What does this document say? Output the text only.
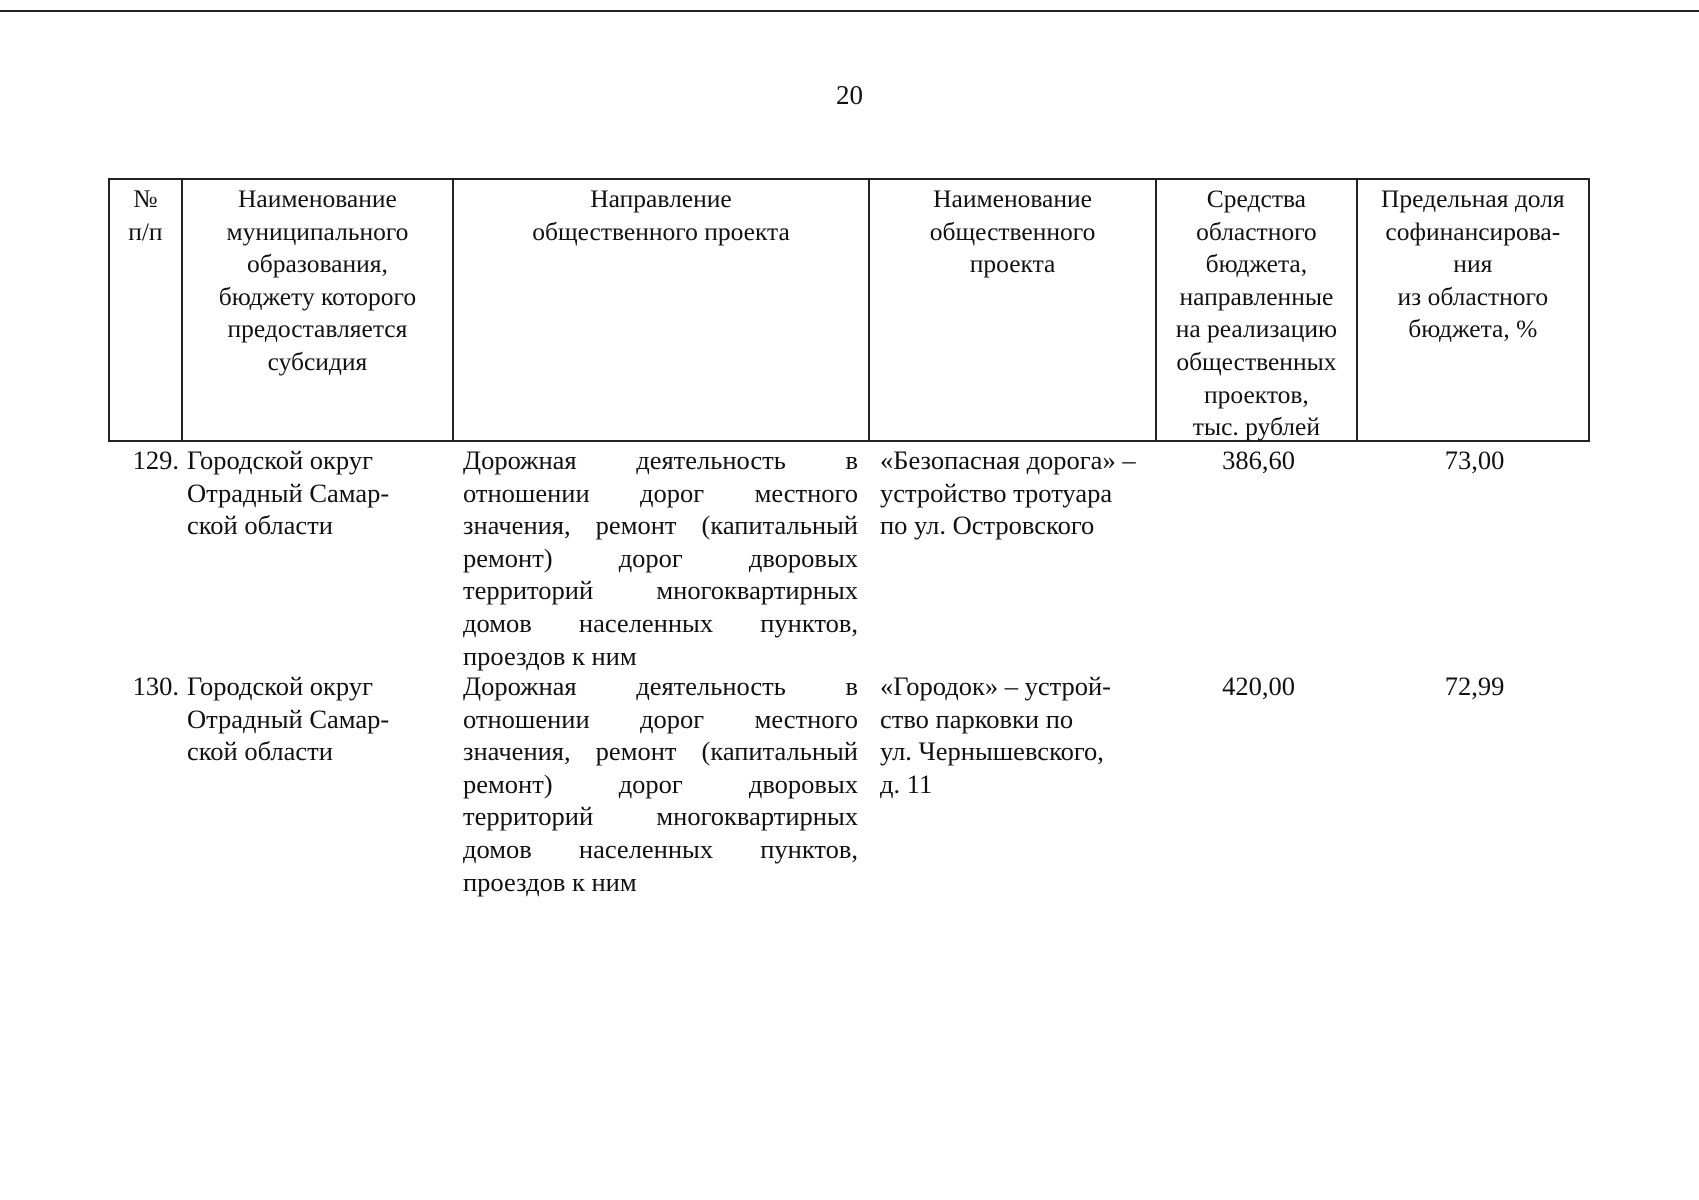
20
№
п/п
Наименование
муниципального
образования,
бюджету которого
предоставляется
субсидия
Направление
общественного проекта
Наименование
общественного
проекта
Средства
областного
бюджета,
направленные
на реализацию
общественных
проектов,
тыс. рублей
Предельная доля
софинансирова-
ния
из областного
бюджета, %
129. Городской округ
Отрадный Самар-
ской области
Дорожная деятельность в отношении дорог местного значения, ремонт (капитальный ремонт) дорог дворовых территорий многоквартирных домов населенных пунктов, проездов к ним
«Безопасная дорога» –
устройство тротуара
по ул. Островского
386,60	73,00
130. Городской округ
Отрадный Самар-
ской области
Дорожная деятельность в отношении дорог местного значения, ремонт (капитальный ремонт) дорог дворовых территорий многоквартирных домов населенных пунктов, проездов к ним
«Городок» – устрой-
ство парковки по
ул. Чернышевского,
д. 11
420,00	72,99
